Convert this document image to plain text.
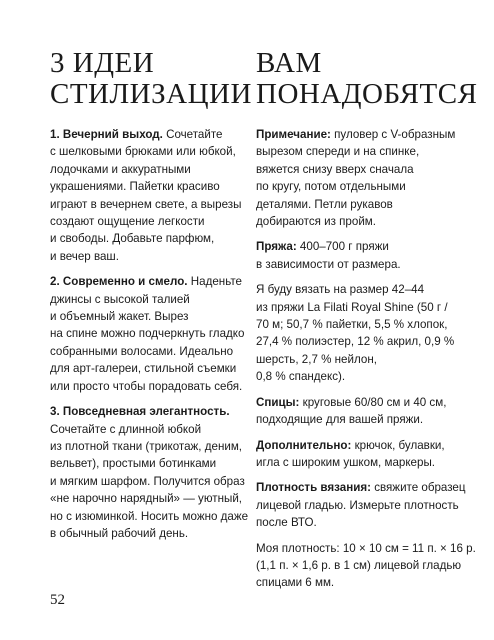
3 ИДЕИ
СТИЛИЗАЦИИ

1. Вечерний выход. Сочетайте
с шелковыми брюками или юбкой,
лодочками и аккуратными
украшениями. Пайетки красиво
играют в вечернем свете, а вырезы
создают ощущение легкости
и свободы. Добавьте парфюм,
и вечер ваш.

2. Современно и смело. Наденьте
джинсы с высокой талией
и объемный жакет. Вырез
на спине можно подчеркнуть гладко
собранными волосами. Идеально
для арт-галереи, стильной съемки
или просто чтобы порадовать себя.

3. Повседневная элегантность.
Сочетайте с длинной юбкой
из плотной ткани (трикотаж, деним,
вельвет), простыми ботинками
и мягким шарфом. Получится образ
«не нарочно нарядный» — уютный,
но с изюминкой. Носить можно даже
в обычный рабочий день.

ВАМ
ПОНАДОБЯТСЯ

Примечание: пуловер с V-образным
вырезом спереди и на спинке,
вяжется снизу вверх сначала
по кругу, потом отдельными
деталями. Петли рукавов
добираются из пройм.

Пряжа: 400–700 г пряжи
в зависимости от размера.

Я буду вязать на размер 42–44
из пряжи La Filati Royal Shine (50 г /
70 м; 50,7 % пайетки, 5,5 % хлопок,
27,4 % полиэстер, 12 % акрил, 0,9 %
шерсть, 2,7 % нейлон,
0,8 % спандекс).

Спицы: круговые 60/80 см и 40 см,
подходящие для вашей пряжи.

Дополнительно: крючок, булавки,
игла с широким ушком, маркеры.

Плотность вязания: свяжите образец
лицевой гладью. Измерьте плотность
после ВТО.

Моя плотность: 10 × 10 см = 11 п. × 16 р.
(1,1 п. × 1,6 р. в 1 см) лицевой гладью
спицами 6 мм.

52
